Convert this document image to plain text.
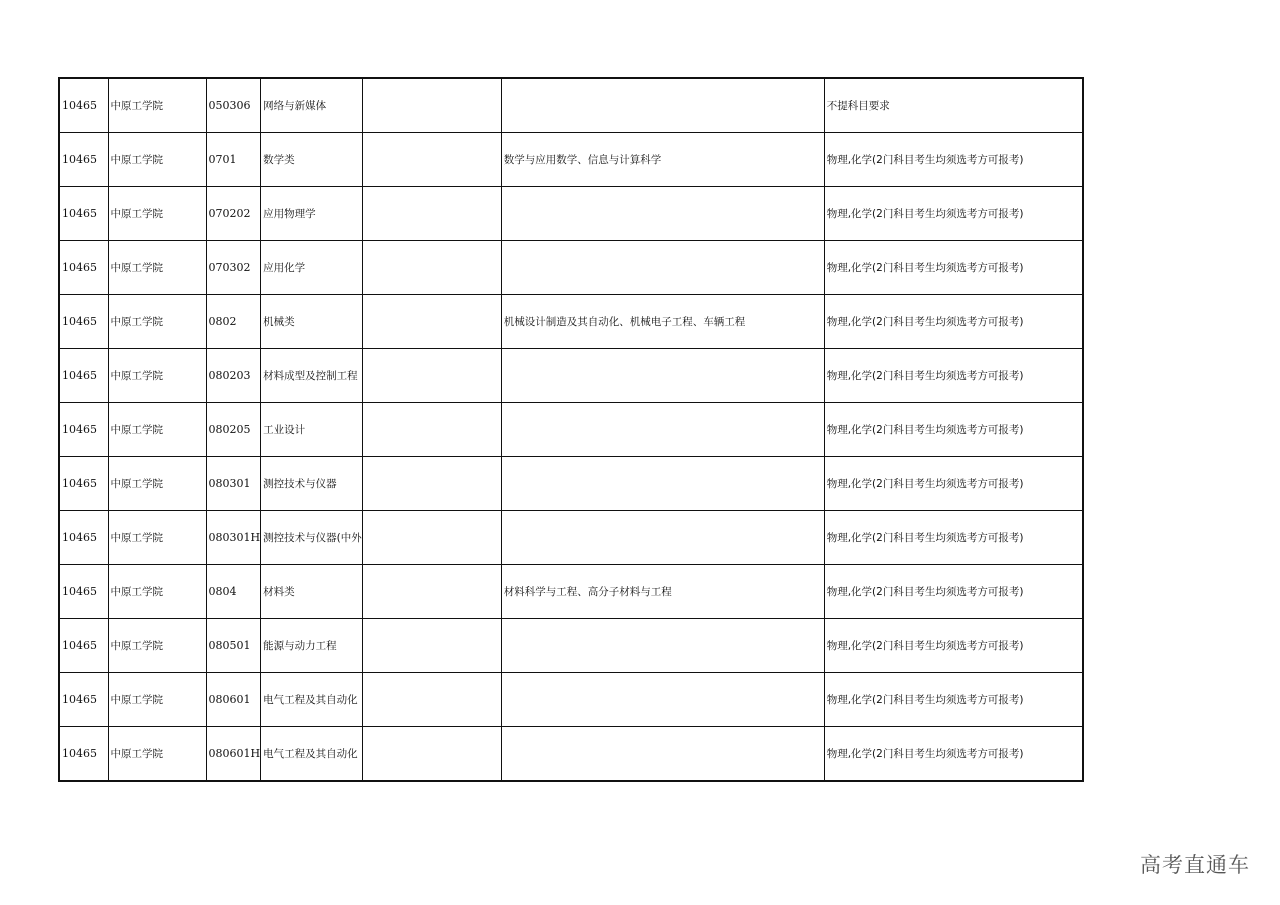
10465	中原工学院	050306	网络与新媒体			不提科目要求
10465	中原工学院	0701	数学类		数学与应用数学、信息与计算科学	物理,化学(2门科目考生均须选考方可报考)
10465	中原工学院	070202	应用物理学			物理,化学(2门科目考生均须选考方可报考)
10465	中原工学院	070302	应用化学			物理,化学(2门科目考生均须选考方可报考)
10465	中原工学院	0802	机械类		机械设计制造及其自动化、机械电子工程、车辆工程	物理,化学(2门科目考生均须选考方可报考)
10465	中原工学院	080203	材料成型及控制工程			物理,化学(2门科目考生均须选考方可报考)
10465	中原工学院	080205	工业设计			物理,化学(2门科目考生均须选考方可报考)
10465	中原工学院	080301	测控技术与仪器			物理,化学(2门科目考生均须选考方可报考)
10465	中原工学院	080301H	测控技术与仪器(中外			物理,化学(2门科目考生均须选考方可报考)
10465	中原工学院	0804	材料类		材料科学与工程、高分子材料与工程	物理,化学(2门科目考生均须选考方可报考)
10465	中原工学院	080501	能源与动力工程			物理,化学(2门科目考生均须选考方可报考)
10465	中原工学院	080601	电气工程及其自动化			物理,化学(2门科目考生均须选考方可报考)
10465	中原工学院	080601H	电气工程及其自动化			物理,化学(2门科目考生均须选考方可报考)
高考直通车
